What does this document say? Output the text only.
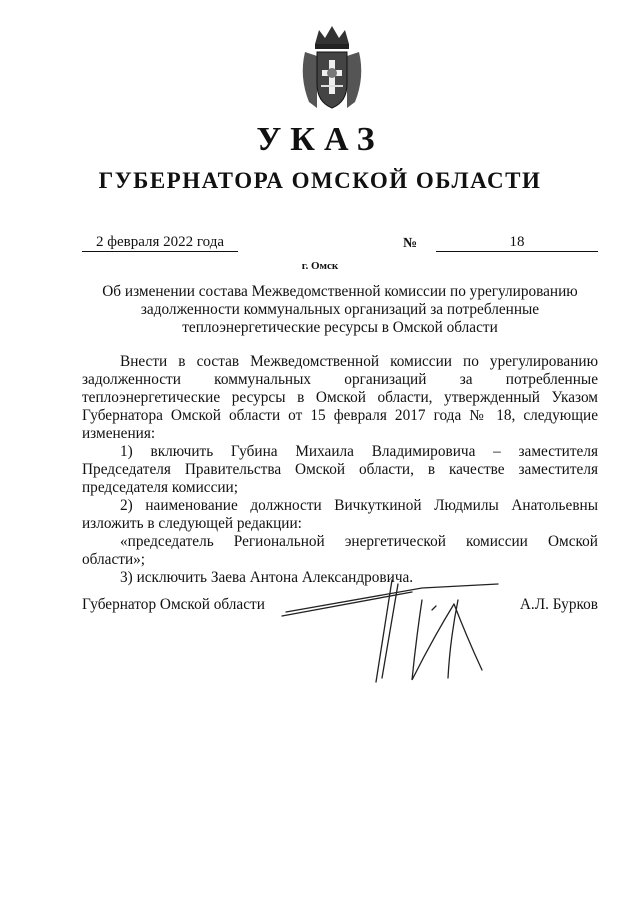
УКАЗ
ГУБЕРНАТОРА ОМСКОЙ ОБЛАСТИ
2 февраля 2022 года	№	18
г. Омск
Об изменении состава Межведомственной комиссии по урегулированию задолженности коммунальных организаций за потребленные теплоэнергетические ресурсы в Омской области

Внести в состав Межведомственной комиссии по урегулированию задолженности коммунальных организаций за потребленные теплоэнергетические ресурсы в Омской области, утвержденный Указом Губернатора Омской области от 15 февраля 2017 года № 18, следующие изменения:

1) включить Губина Михаила Владимировича – заместителя Председателя Правительства Омской области, в качестве заместителя председателя комиссии;

2) наименование должности Вичкуткиной Людмилы Анатольевны изложить в следующей редакции:

«председатель Региональной энергетической комиссии Омской области»;

3) исключить Заева Антона Александровича.

Губернатор Омской области	А.Л. Бурков
